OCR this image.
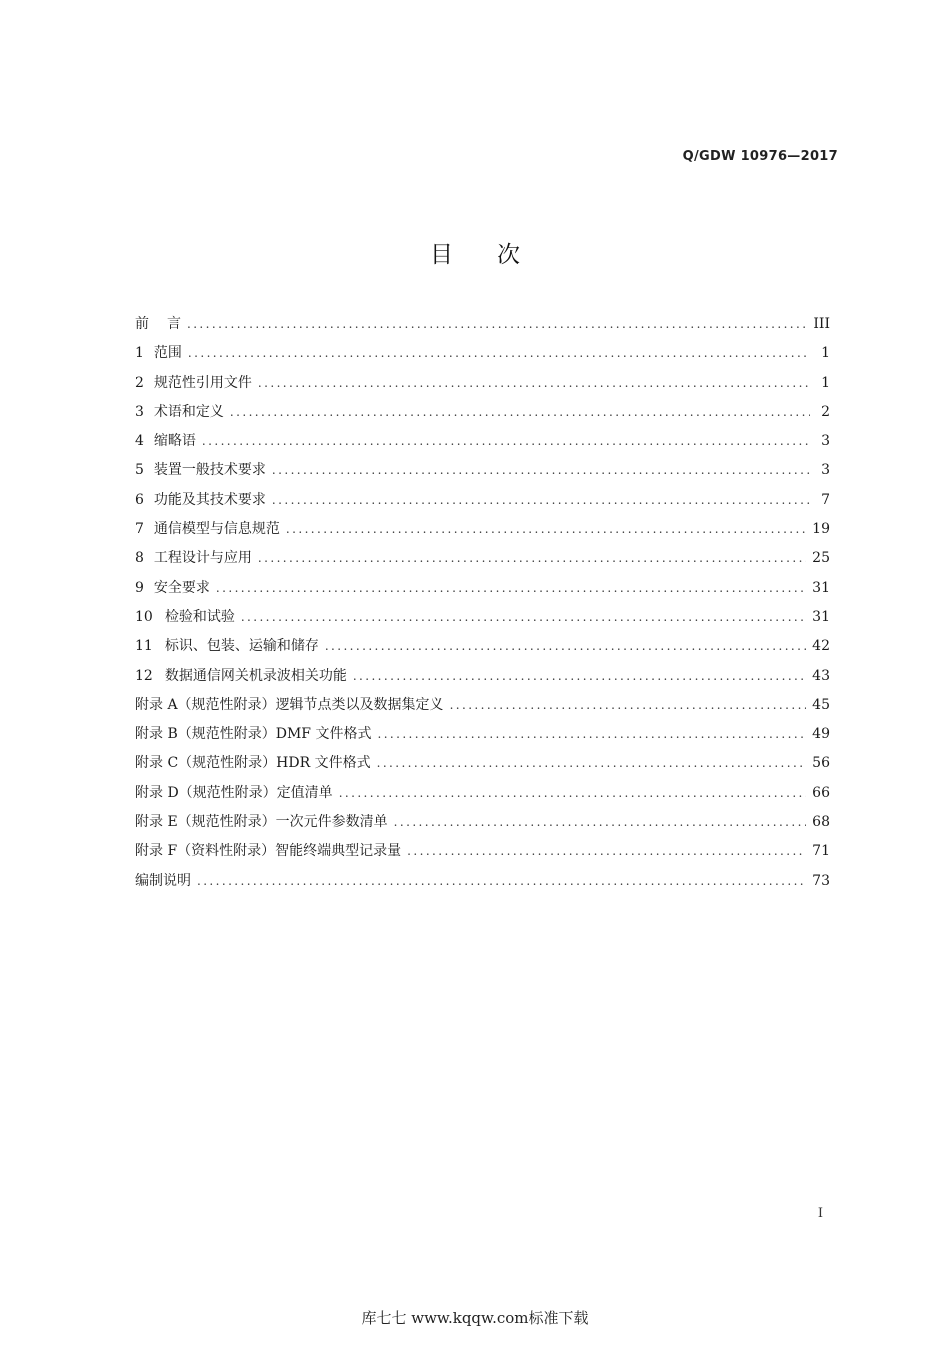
Q/GDW 10976—2017
目次
前 言 .....	III
1 范围 .....	1
2 规范性引用文件 .....	1
3 术语和定义 .....	2
4 缩略语 .....	3
5 装置一般技术要求 .....	3
6 功能及其技术要求 .....	7
7 通信模型与信息规范 .....	19
8 工程设计与应用 .....	25
9 安全要求 .....	31
10 检验和试验 .....	31
11 标识、包装、运输和储存 .....	42
12 数据通信网关机录波相关功能 .....	43
附录 A（规范性附录） 逻辑节点类以及数据集定义 .....	45
附录 B（规范性附录） DMF 文件格式 .....	49
附录 C（规范性附录） HDR 文件格式 .....	56
附录 D（规范性附录） 定值清单 .....	66
附录 E（规范性附录） 一次元件参数清单 .....	68
附录 F（资料性附录） 智能终端典型记录量 .....	71
编制说明 .....	73
I
库七七 www.kqqw.com标准下载
